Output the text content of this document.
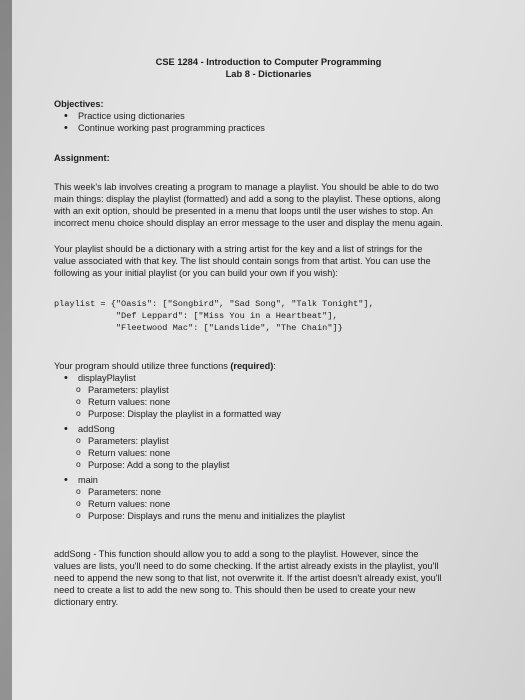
CSE 1284 - Introduction to Computer Programming
Lab 8 - Dictionaries
Objectives:
• Practice using dictionaries
• Continue working past programming practices
Assignment:

This week's lab involves creating a program to manage a playlist. You should be able to do two

main things: display the playlist (formatted) and add a song to the playlist. These options, along

with an exit option, should be presented in a menu that loops until the user wishes to stop. An

incorrect menu choice should display an error message to the user and display the menu again.

Your playlist should be a dictionary with a string artist for the key and a list of strings for the

value associated with that key. The list should contain songs from that artist. You can use the

following as your initial playlist (or you can build your own if you wish):

playlist = {"Oasis": ["Songbird", "Sad Song", "Talk Tonight"],
"Def Leppard": ["Miss You in a Heartbeat"],
"Fleetwood Mac": ["Landslide", "The Chain"]}
Your program should utilize three functions (required):
• displayPlaylist
o Parameters: playlist
o Return values: none
o Purpose: Display the playlist in a formatted way
• addSong
o Parameters: playlist
o Return values: none
o Purpose: Add a song to the playlist
• main
o Parameters: none
o Return values: none
o Purpose: Displays and runs the menu and initializes the playlist

addSong - This function should allow you to add a song to the playlist. However, since the

values are lists, you'll need to do some checking. If the artist already exists in the playlist, you'll

need to append the new song to that list, not overwrite it. If the artist doesn't already exist, you'll

need to create a list to add the new song to. This should then be used to create your new

dictionary entry.
